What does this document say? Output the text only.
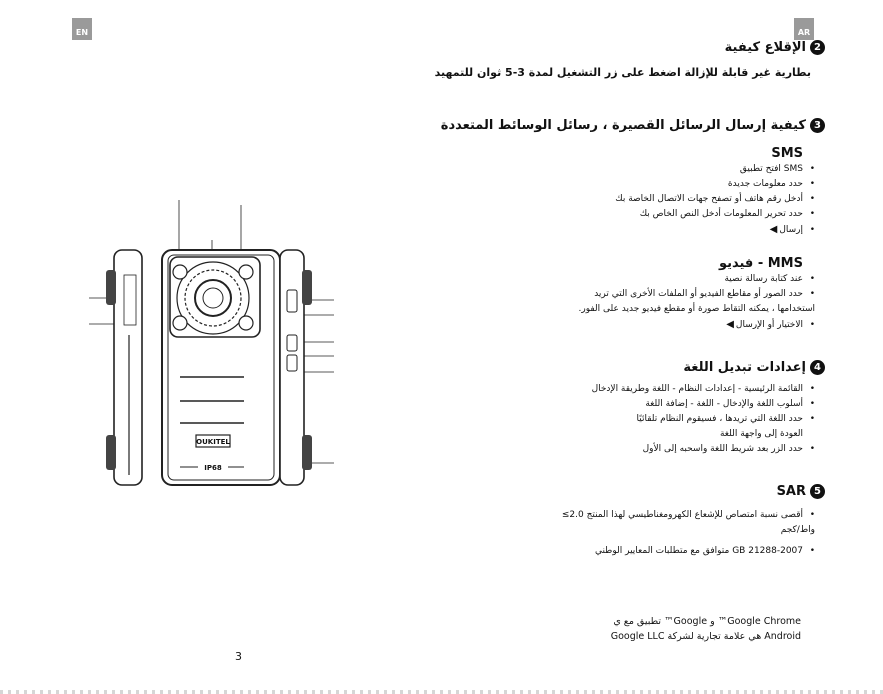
EN	AR
OUKITEL
IP68
2
الإقلاع كيفية
بطارية غير قابلة للإزالة اضغط على زر التشغيل لمدة 3-5 ثوان للتمهيد
3
كيفية إرسال الرسائل القصيرة ، رسائل الوسائط المتعددة
SMS
•SMS افتح تطبيق
•حدد معلومات جديدة
•أدخل رقم هاتف أو تصفح جهات الاتصال الخاصة بك
•حدد تحرير المعلومات أدخل النص الخاص بك
•إرسال◀
MMS - فيديو
•عند كتابة رسالة نصية
•حدد الصور أو مقاطع الفيديو أو الملفات الأخرى التي تريد استخدامها ، يمكنه التقاط صورة أو مقطع فيديو جديد على الفور.
•الاختيار أو الإرسال◀
4
إعدادات تبديل اللغة
•القائمة الرئيسية - إعدادات النظام - اللغة وطريقة الإدخال
•أسلوب اللغة والإدخال - اللغة - إضافة اللغة
•حدد اللغة التي تريدها ، فسيقوم النظام تلقائيًا
العودة إلى واجهة اللغة
•حدد الزر بعد شريط اللغة واسحبه إلى الأول
5
SAR
•أقصى نسبة امتصاص للإشعاع الكهرومغناطيسي لهذا المنتج 2.0≥ واط/كجم
•GB 21288-2007 متوافق مع متطلبات المعايير الوطني
Google Chrome™ و Google™ تطبيق مع ي
Android هي علامة تجارية لشركة Google LLC
3
